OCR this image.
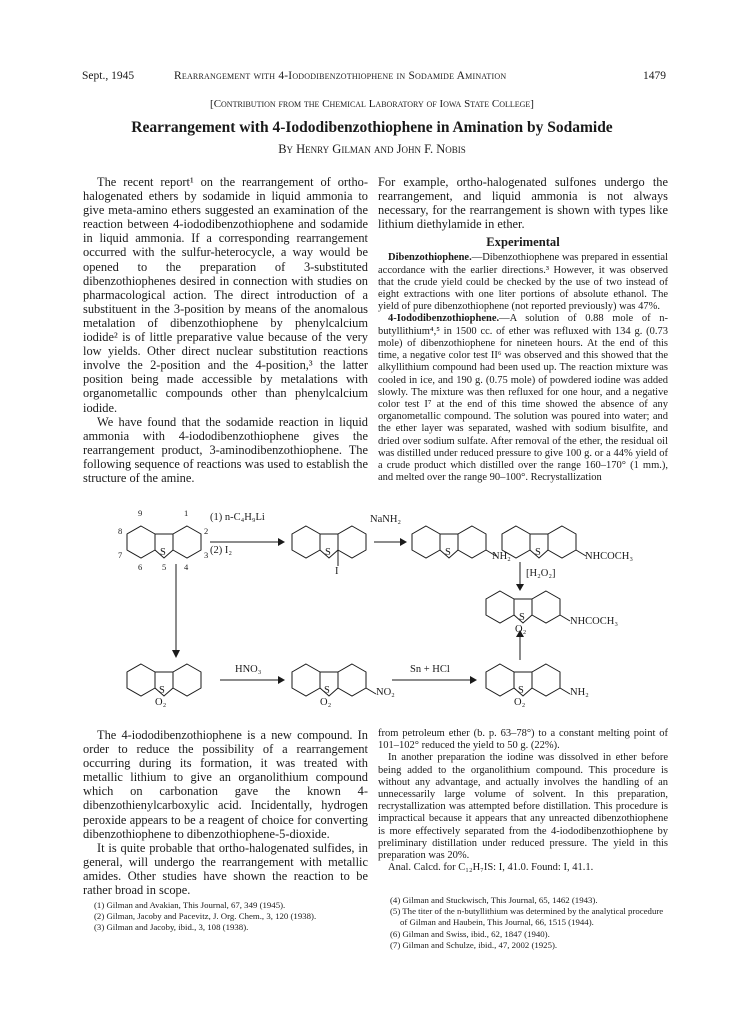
Sept., 1945	Rearrangement with 4-Iododibenzothiophene in Sodamide Amination	1479
[Contribution from the Chemical Laboratory of Iowa State College]
Rearrangement with 4-Iododibenzothiophene in Amination by Sodamide
By Henry Gilman and John F. Nobis

The recent report¹ on the rearrangement of ortho-halogenated ethers by sodamide in liquid ammonia to give meta-amino ethers suggested an examination of the reaction between 4-iododibenzothiophene and sodamide in liquid ammonia. If a corresponding rearrangement occurred with the sulfur-heterocycle, a way would be opened to the preparation of 3-substituted dibenzothiophenes desired in connection with studies on pharmacological action. The direct introduction of a substituent in the 3-position by means of the anomalous metalation of dibenzothiophene by phenylcalcium iodide² is of little preparative value because of the very low yields. Other direct nuclear substitution reactions involve the 2-position and the 4-position,³ the latter position being made accessible by metalations with organometallic compounds other than phenylcalcium iodide.

We have found that the sodamide reaction in liquid ammonia with 4-iododibenzothiophene gives the rearrangement product, 3-aminodibenzothiophene. The following sequence of reactions was used to establish the structure of the amine.

For example, ortho-halogenated sulfones undergo the rearrangement, and liquid ammonia is not always necessary, for the rearrangement is shown with types like lithium diethylamide in ether.

Experimental

Dibenzothiophene.—Dibenzothiophene was prepared in essential accordance with the earlier directions.³ However, it was observed that the crude yield could be checked by the use of two instead of eight extractions with one liter portions of absolute ethanol. The yield of pure dibenzothiophene (not reported previously) was 47%.

4-Iododibenzothiophene.—A solution of 0.88 mole of n-butyllithium⁴,⁵ in 1500 cc. of ether was refluxed with 134 g. (0.73 mole) of dibenzothiophene for nineteen hours. At the end of this time, a negative color test II⁶ was observed and this showed that the alkyllithium compound had been used up. The reaction mixture was cooled in ice, and 190 g. (0.75 mole) of powdered iodine was added slowly. The mixture was then refluxed for one hour, and a negative color test I⁷ at the end of this time showed the absence of any organometallic compound. The solution was poured into water; and the ether layer was separated, washed with sodium bisulfite, and dried over sodium sulfate. After removal of the ether, the residual oil was distilled under reduced pressure to give 100 g. or a 44% yield of a crude product which distilled over the range 160–170° (1 mm.), and melted over the range 90–100°. Recrystallization

(1) n-C₄H₉Li
(2) I₂
NaNH₂
S	S
I
S	NH₂ S	NHCOCH₃
[H₂O₂]
S
O₂
NHCOCH₃
S
O₂
HNO₃
S
O₂
NO₂
Sn + HCl
S
O₂
NH₂
9	1
2
3
4
5
6
7
8

The 4-iododibenzothiophene is a new compound. In order to reduce the possibility of a rearrangement occurring during its formation, it was treated with metallic lithium to give an organolithium compound which on carbonation gave the known 4-dibenzothienylcarboxylic acid. Incidentally, hydrogen peroxide appears to be a reagent of choice for converting dibenzothiophene to dibenzothiophene-5-dioxide.

It is quite probable that ortho-halogenated sulfides, in general, will undergo the rearrangement with metallic amides. Other studies have shown the reaction to be rather broad in scope.

from petroleum ether (b. p. 63–78°) to a constant melting point of 101–102° reduced the yield to 50 g. (22%).

In another preparation the iodine was dissolved in ether before being added to the organolithium compound. This procedure is without any advantage, and actually involves the handling of an unnecessarily large volume of solvent. In this preparation, recrystallization was attempted before distillation. This procedure is impractical because it appears that any unreacted dibenzothiophene is more effectively separated from the 4-iododibenzothiophene by preliminary distillation under reduced pressure. The yield in this preparation was 20%.

Anal. Calcd. for C₁₂H₇IS: I, 41.0. Found: I, 41.1.

(1) Gilman and Avakian, This Journal, 67, 349 (1945).
(2) Gilman, Jacoby and Pacevitz, J. Org. Chem., 3, 120 (1938).
(3) Gilman and Jacoby, ibid., 3, 108 (1938).
(4) Gilman and Stuckwisch, This Journal, 65, 1462 (1943).
(5) The titer of the n-butyllithium was determined by the analytical procedure of Gilman and Haubein, This Journal, 66, 1515 (1944).
(6) Gilman and Swiss, ibid., 62, 1847 (1940).
(7) Gilman and Schulze, ibid., 47, 2002 (1925).
